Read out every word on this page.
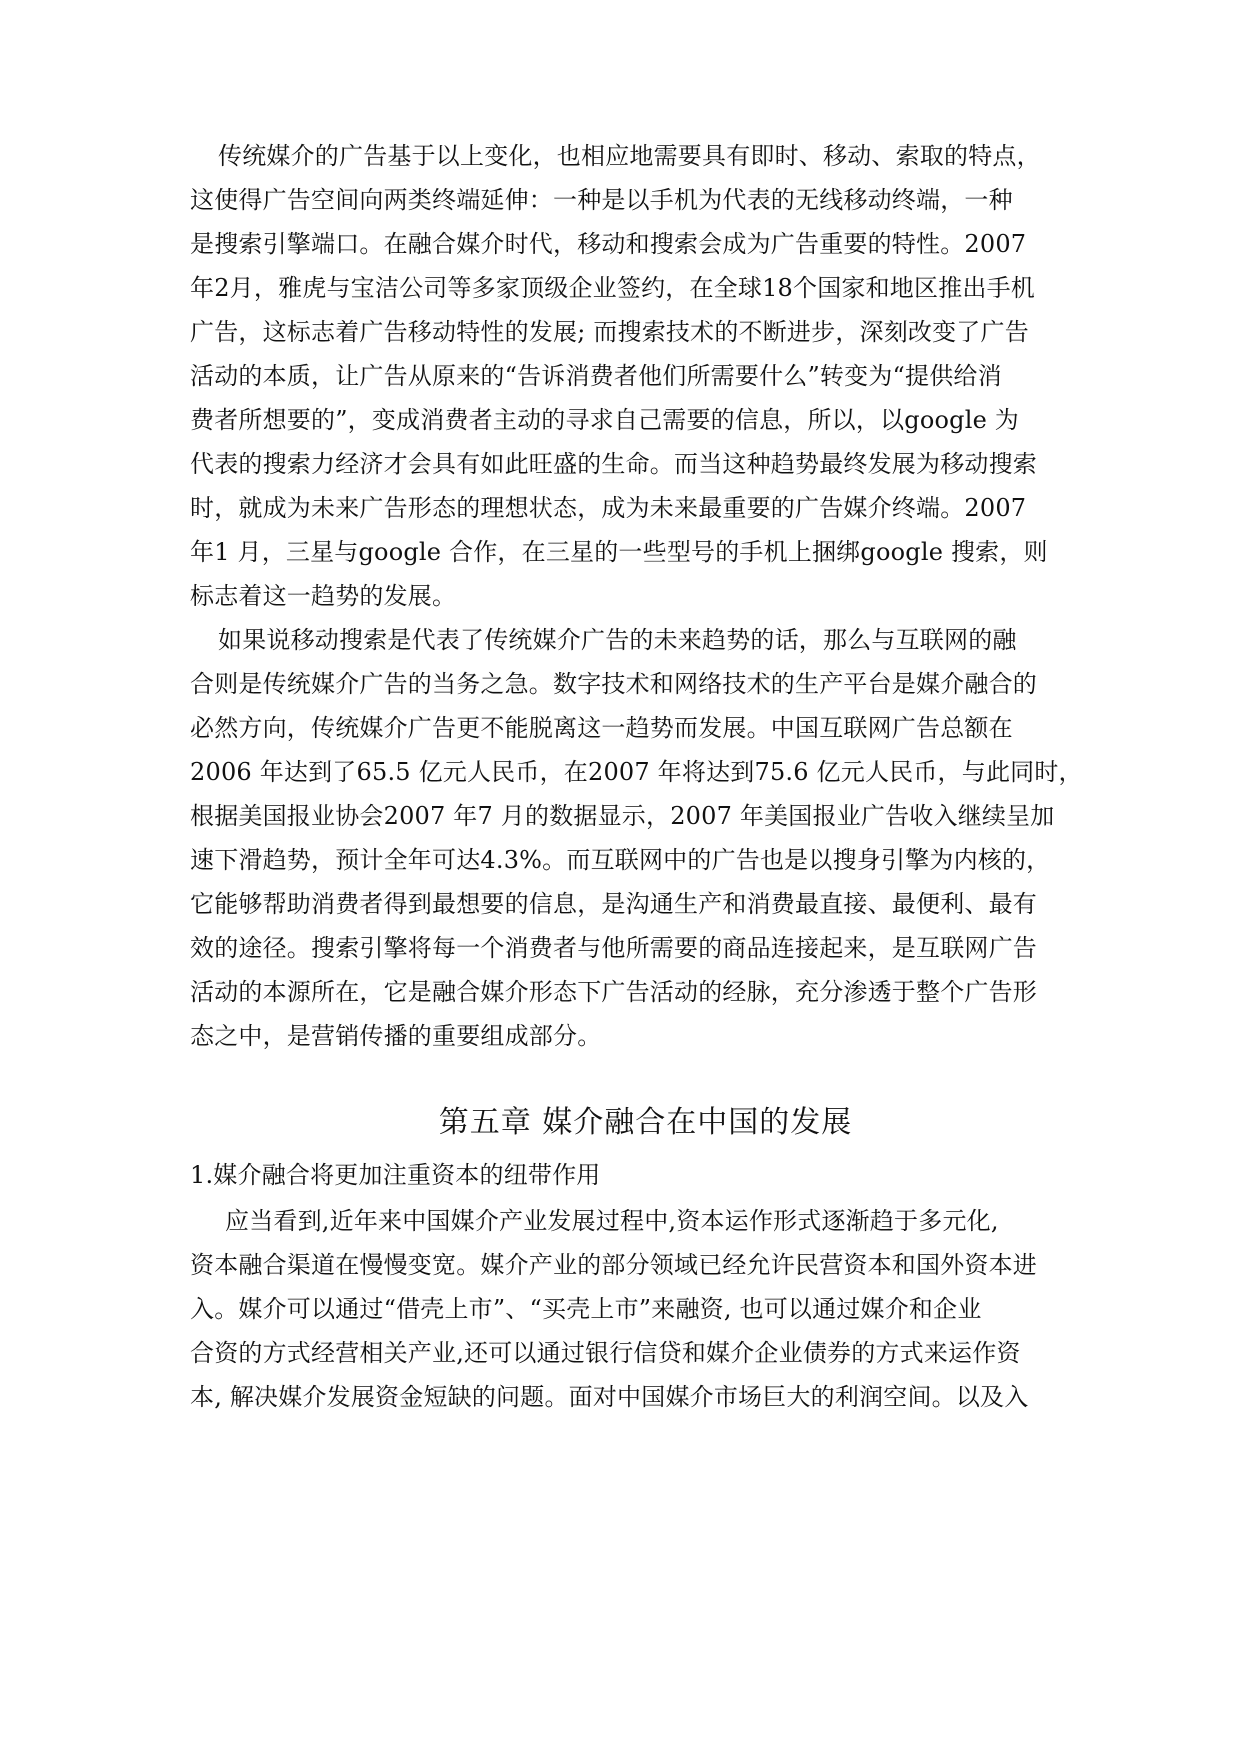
传统媒介的广告基于以上变化，也相应地需要具有即时、移动、索取的特点，
这使得广告空间向两类终端延伸：一种是以手机为代表的无线移动终端，一种
是搜索引擎端口。在融合媒介时代，移动和搜索会成为广告重要的特性。2007
年2月，雅虎与宝洁公司等多家顶级企业签约，在全球18个国家和地区推出手机
广告，这标志着广告移动特性的发展; 而搜索技术的不断进步，深刻改变了广告
活动的本质，让广告从原来的“告诉消费者他们所需要什么”转变为“提供给消
费者所想要的”，变成消费者主动的寻求自己需要的信息，所以，以google 为
代表的搜索力经济才会具有如此旺盛的生命。而当这种趋势最终发展为移动搜索
时，就成为未来广告形态的理想状态，成为未来最重要的广告媒介终端。2007
年1 月，三星与google 合作，在三星的一些型号的手机上捆绑google 搜索，则
标志着这一趋势的发展。
如果说移动搜索是代表了传统媒介广告的未来趋势的话，那么与互联网的融
合则是传统媒介广告的当务之急。数字技术和网络技术的生产平台是媒介融合的
必然方向，传统媒介广告更不能脱离这一趋势而发展。中国互联网广告总额在
2006 年达到了65.5 亿元人民币，在2007 年将达到75.6 亿元人民币，与此同时，
根据美国报业协会2007 年7 月的数据显示，2007 年美国报业广告收入继续呈加
速下滑趋势，预计全年可达4.3%。而互联网中的广告也是以搜身引擎为内核的，
它能够帮助消费者得到最想要的信息，是沟通生产和消费最直接、最便利、最有
效的途径。搜索引擎将每一个消费者与他所需要的商品连接起来，是互联网广告
活动的本源所在，它是融合媒介形态下广告活动的经脉，充分渗透于整个广告形
态之中，是营销传播的重要组成部分。
第五章 媒介融合在中国的发展
1.媒介融合将更加注重资本的纽带作用
应当看到,近年来中国媒介产业发展过程中,资本运作形式逐渐趋于多元化,
资本融合渠道在慢慢变宽。媒介产业的部分领域已经允许民营资本和国外资本进
入。媒介可以通过“借壳上市”、“买壳上市”来融资, 也可以通过媒介和企业
合资的方式经营相关产业,还可以通过银行信贷和媒介企业债券的方式来运作资
本, 解决媒介发展资金短缺的问题。面对中国媒介市场巨大的利润空间。以及入
